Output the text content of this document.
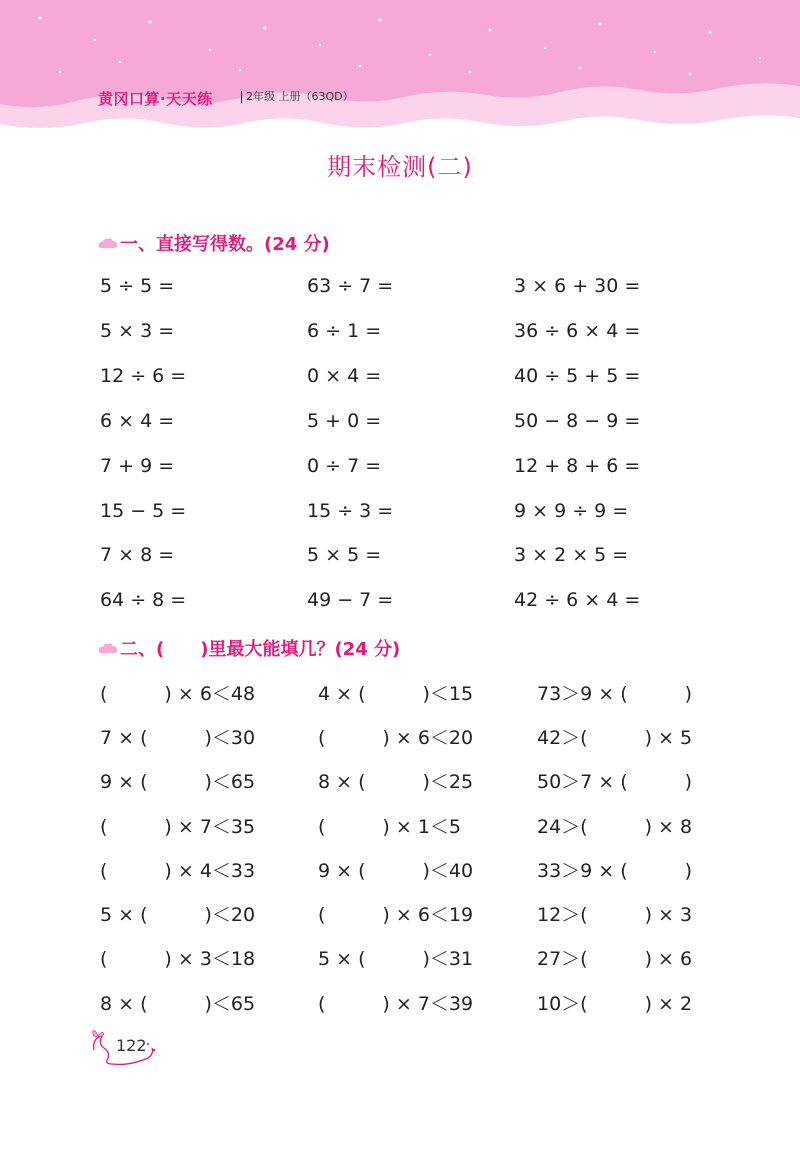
黄冈口算·天天练	2年级 上册（63QD）
期末检测(二)
一、直接写得数。(24 分)
5 ÷ 5 =
5 × 3 =
12 ÷ 6 =
6 × 4 =
7 + 9 =
15 − 5 =
7 × 8 =
64 ÷ 8 =
63 ÷ 7 =
6 ÷ 1 =
0 × 4 =
5 + 0 =
0 ÷ 7 =
15 ÷ 3 =
5 × 5 =
49 − 7 =
3 × 6 + 30 =
36 ÷ 6 × 4 =
40 ÷ 5 + 5 =
50 − 8 − 9 =
12 + 8 + 6 =
9 × 9 ÷ 9 =
3 × 2 × 5 =
42 ÷ 6 × 4 =
二、(　　)里最大能填几？(24 分)
(　　　) × 6＜48
7 × (　　　)＜30
9 × (　　　)＜65
(　　　) × 7＜35
(　　　) × 4＜33
5 × (　　　)＜20
(　　　) × 3＜18
8 × (　　　)＜65
4 × (　　　)＜15
(　　　) × 6＜20
8 × (　　　)＜25
(　　　) × 1＜5
9 × (　　　)＜40
(　　　) × 6＜19
5 × (　　　)＜31
(　　　) × 7＜39
73＞9 × (　　　)
42＞(　　　) × 5
50＞7 × (　　　)
24＞(　　　) × 8
33＞9 × (　　　)
12＞(　　　) × 3
27＞(　　　) × 6
10＞(　　　) × 2
122
